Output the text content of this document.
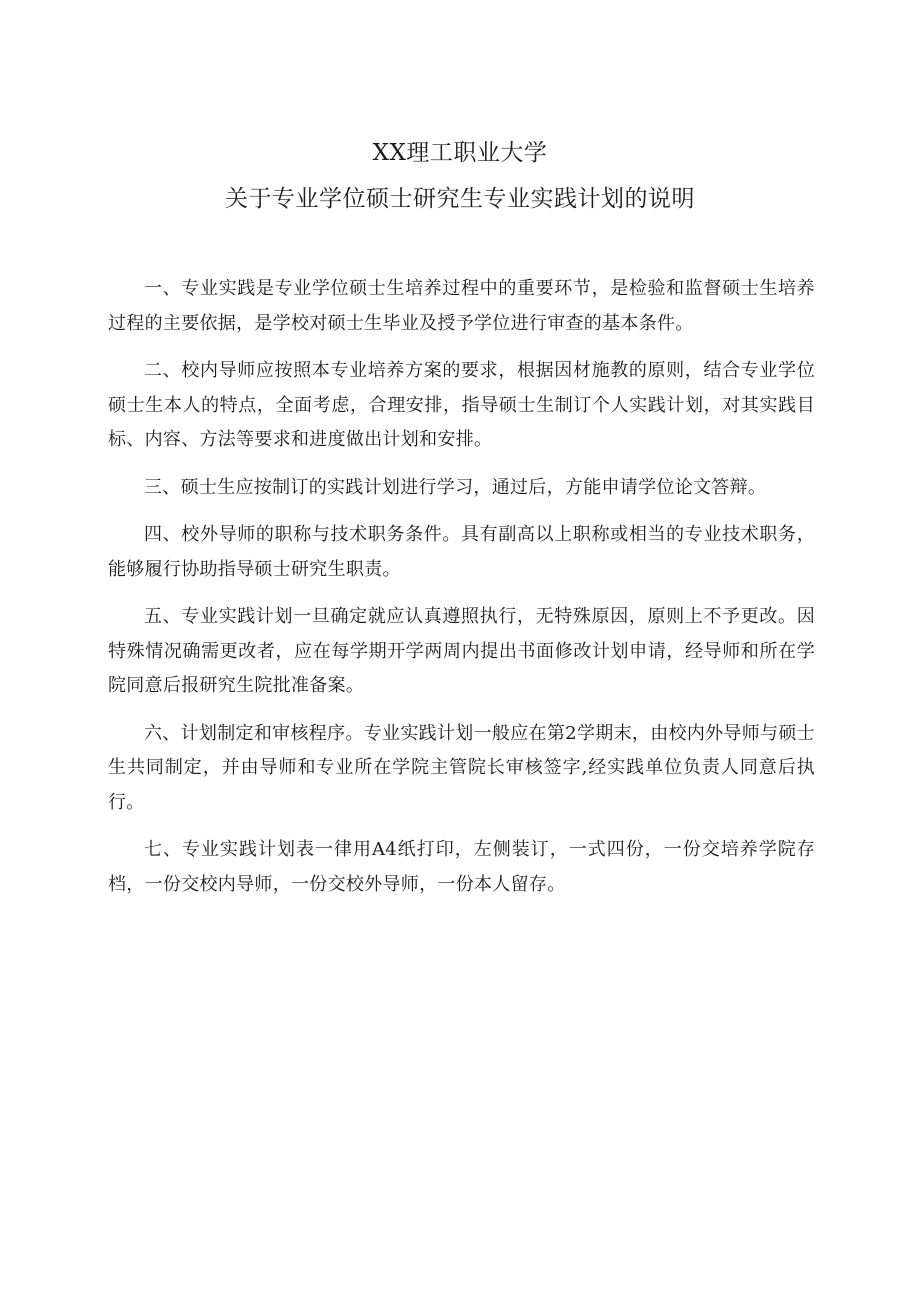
XX理工职业大学
关于专业学位硕士研究生专业实践计划的说明

一、专业实践是专业学位硕士生培养过程中的重要环节，是检验和监督硕士生培养过程的主要依据，是学校对硕士生毕业及授予学位进行审查的基本条件。

二、校内导师应按照本专业培养方案的要求，根据因材施教的原则，结合专业学位硕士生本人的特点，全面考虑，合理安排，指导硕士生制订个人实践计划，对其实践目标、内容、方法等要求和进度做出计划和安排。

三、硕士生应按制订的实践计划进行学习，通过后，方能申请学位论文答辩。

四、校外导师的职称与技术职务条件。具有副高以上职称或相当的专业技术职务，能够履行协助指导硕士研究生职责。

五、专业实践计划一旦确定就应认真遵照执行，无特殊原因，原则上不予更改。因特殊情况确需更改者，应在每学期开学两周内提出书面修改计划申请，经导师和所在学院同意后报研究生院批准备案。

六、计划制定和审核程序。专业实践计划一般应在第2学期末，由校内外导师与硕士生共同制定，并由导师和专业所在学院主管院长审核签字,经实践单位负责人同意后执行。

七、专业实践计划表一律用A4纸打印，左侧装订，一式四份，一份交培养学院存档，一份交校内导师，一份交校外导师，一份本人留存。
